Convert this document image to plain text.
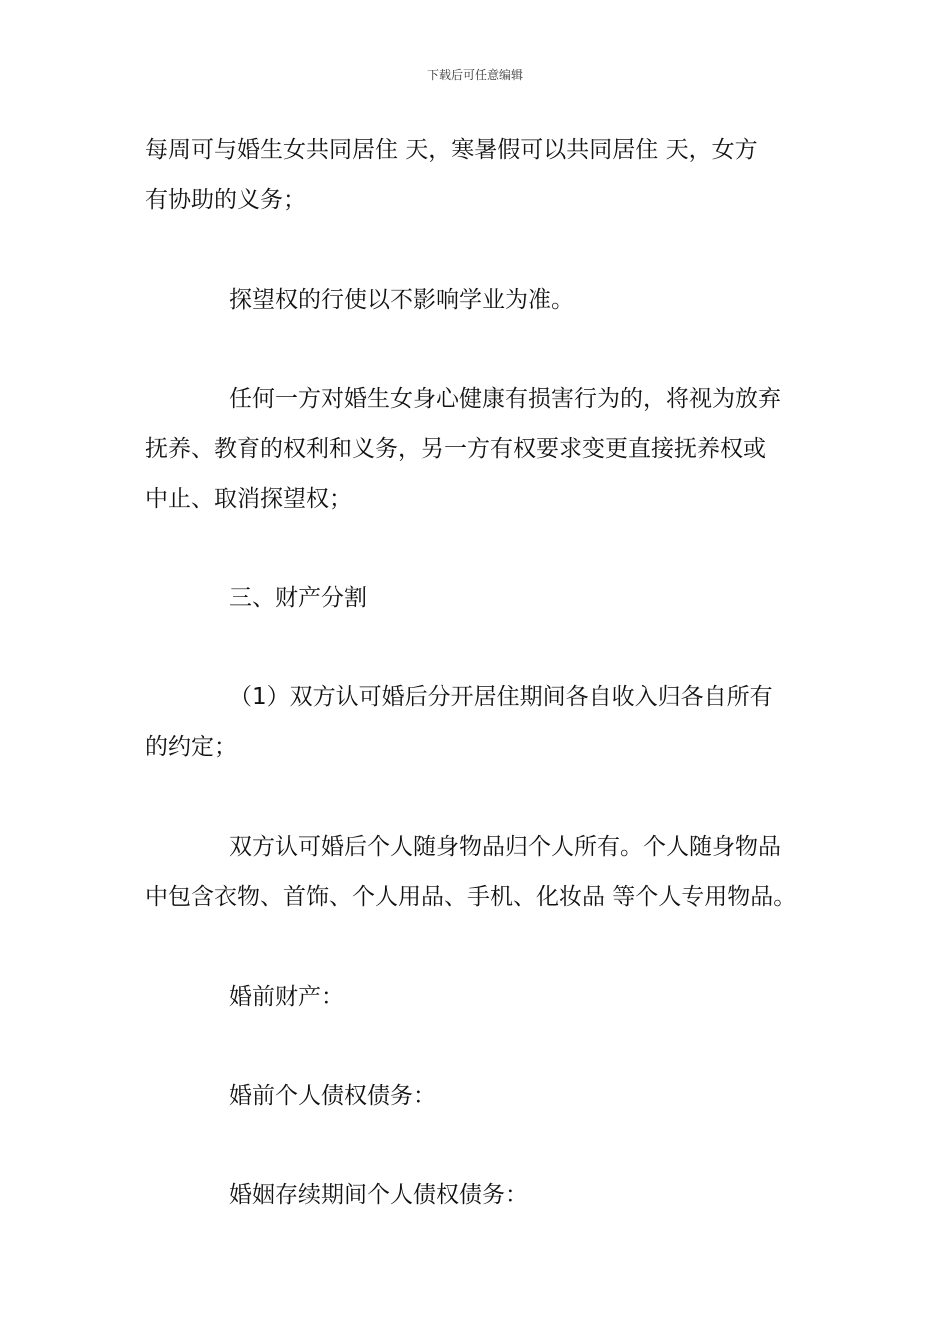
下载后可任意编辑
每周可与婚生女共同居住 天，寒暑假可以共同居住 天，女方
有协助的义务；
探望权的行使以不影响学业为准。
任何一方对婚生女身心健康有损害行为的，将视为放弃
抚养、教育的权利和义务，另一方有权要求变更直接抚养权或
中止、取消探望权；
三、财产分割
（1）双方认可婚后分开居住期间各自收入归各自所有
的约定；
双方认可婚后个人随身物品归个人所有。个人随身物品
中包含衣物、首饰、个人用品、手机、化妆品 等个人专用物品。
婚前财产：
婚前个人债权债务：
婚姻存续期间个人债权债务：
